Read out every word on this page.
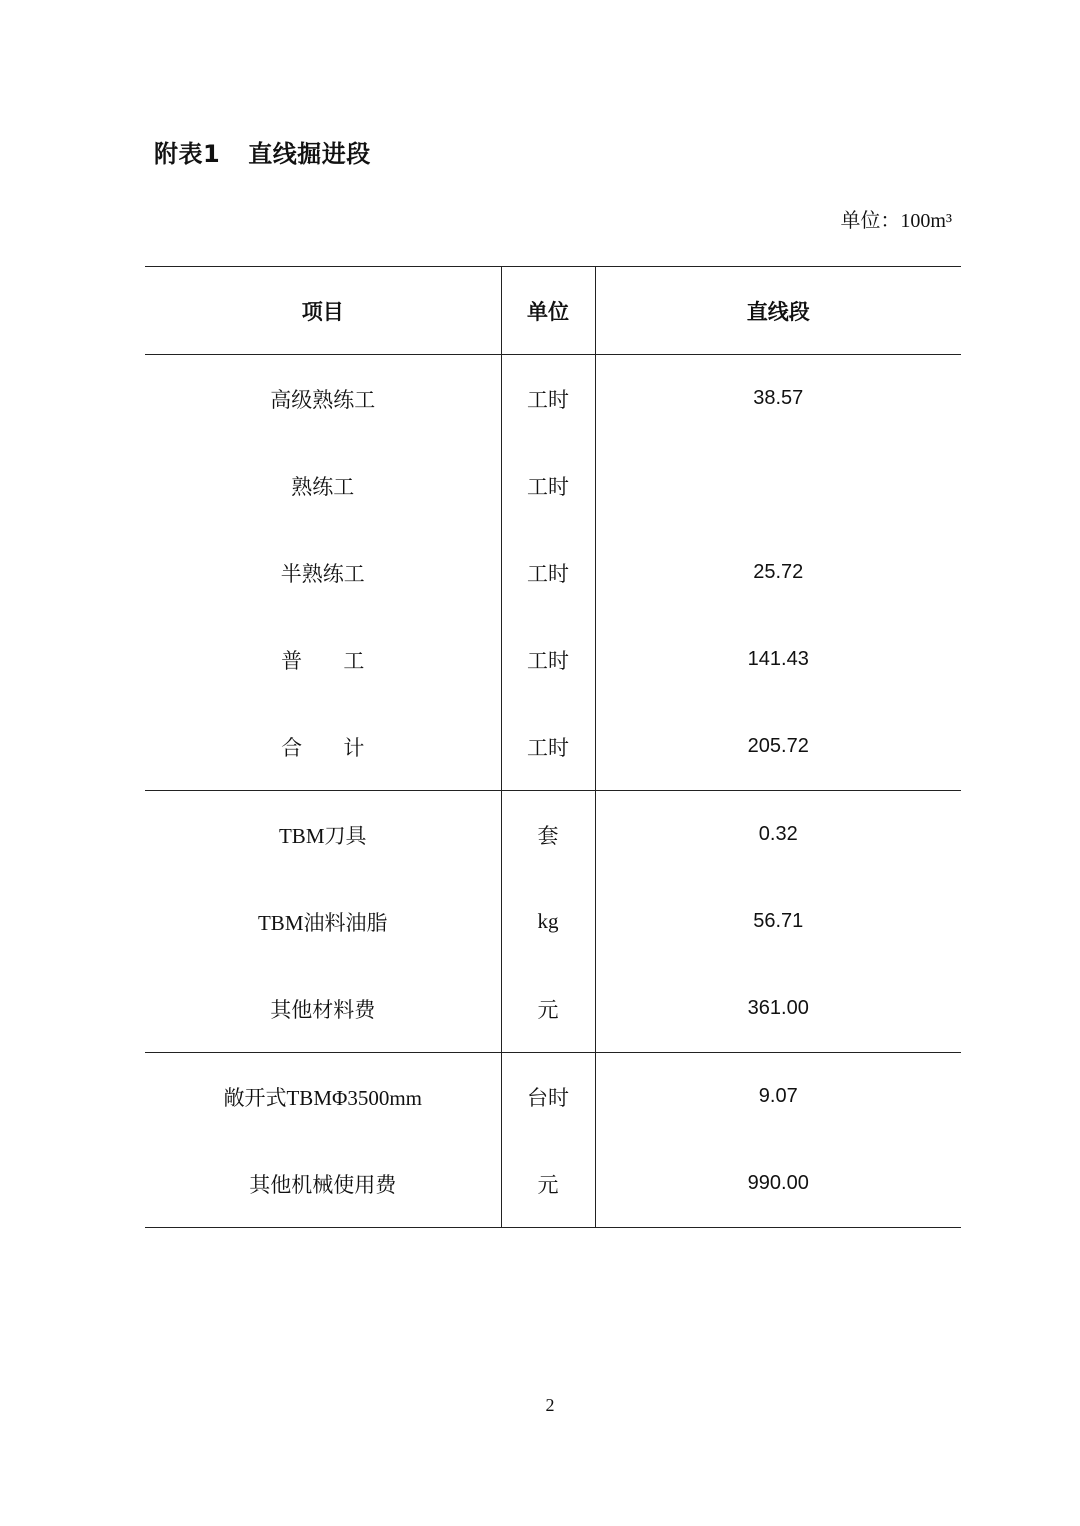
附表1 直线掘进段
单位：100m³
项目	单位	直线段
高级熟练工	工时	38.57
熟练工	工时	
半熟练工	工时	25.72
普 工	工时	141.43
合 计	工时	205.72
TBM刀具	套	0.32
TBM油料油脂	kg	56.71
其他材料费	元	361.00
敞开式TBMΦ3500mm	台时	9.07
其他机械使用费	元	990.00
2
